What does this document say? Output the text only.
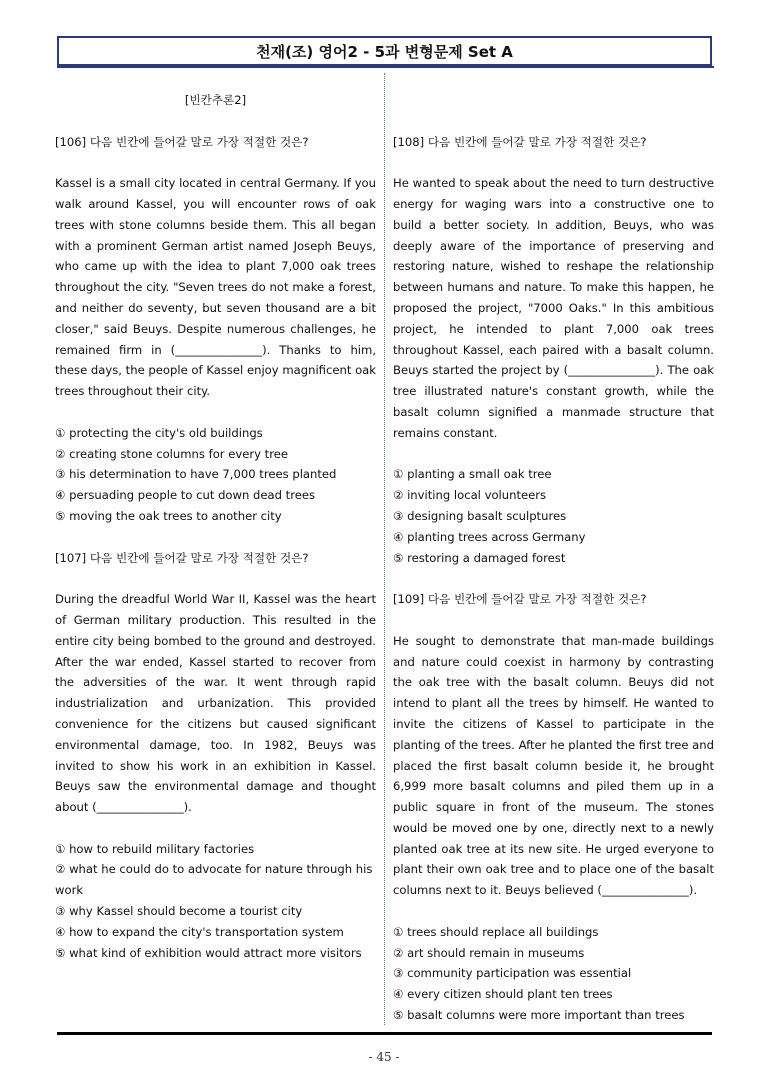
천재(조) 영어2 - 5과 변형문제 Set A
[빈칸추론2]

[106] 다음 빈칸에 들어갈 말로 가장 적절한 것은?

Kassel is a small city located in central Germany. If you walk around Kassel, you will encounter rows of oak trees with stone columns beside them. This all began with a prominent German artist named Joseph Beuys, who came up with the idea to plant 7,000 oak trees throughout the city. "Seven trees do not make a forest, and neither do seventy, but seven thousand are a bit closer," said Beuys. Despite numerous challenges, he remained firm in (_______________). Thanks to him, these days, the people of Kassel enjoy magnificent oak trees throughout their city.

① protecting the city's old buildings
② creating stone columns for every tree
③ his determination to have 7,000 trees planted
④ persuading people to cut down dead trees
⑤ moving the oak trees to another city

[107] 다음 빈칸에 들어갈 말로 가장 적절한 것은?

During the dreadful World War II, Kassel was the heart of German military production. This resulted in the entire city being bombed to the ground and destroyed. After the war ended, Kassel started to recover from the adversities of the war. It went through rapid industrialization and urbanization. This provided convenience for the citizens but caused significant environmental damage, too. In 1982, Beuys was invited to show his work in an exhibition in Kassel. Beuys saw the environmental damage and thought about (_______________).

① how to rebuild military factories
② what he could do to advocate for nature through his work
③ why Kassel should become a tourist city
④ how to expand the city's transportation system
⑤ what kind of exhibition would attract more visitors

[108] 다음 빈칸에 들어갈 말로 가장 적절한 것은?

He wanted to speak about the need to turn destructive energy for waging wars into a constructive one to build a better society. In addition, Beuys, who was deeply aware of the importance of preserving and restoring nature, wished to reshape the relationship between humans and nature. To make this happen, he proposed the project, "7000 Oaks." In this ambitious project, he intended to plant 7,000 oak trees throughout Kassel, each paired with a basalt column. Beuys started the project by (_______________). The oak tree illustrated nature's constant growth, while the basalt column signified a manmade structure that remains constant.

① planting a small oak tree
② inviting local volunteers
③ designing basalt sculptures
④ planting trees across Germany
⑤ restoring a damaged forest

[109] 다음 빈칸에 들어갈 말로 가장 적절한 것은?

He sought to demonstrate that man-made buildings and nature could coexist in harmony by contrasting the oak tree with the basalt column. Beuys did not intend to plant all the trees by himself. He wanted to invite the citizens of Kassel to participate in the planting of the trees. After he planted the first tree and placed the first basalt column beside it, he brought 6,999 more basalt columns and piled them up in a public square in front of the museum. The stones would be moved one by one, directly next to a newly planted oak tree at its new site. He urged everyone to plant their own oak tree and to place one of the basalt columns next to it. Beuys believed (_______________).

① trees should replace all buildings
② art should remain in museums
③ community participation was essential
④ every citizen should plant ten trees
⑤ basalt columns were more important than trees
- 45 -
